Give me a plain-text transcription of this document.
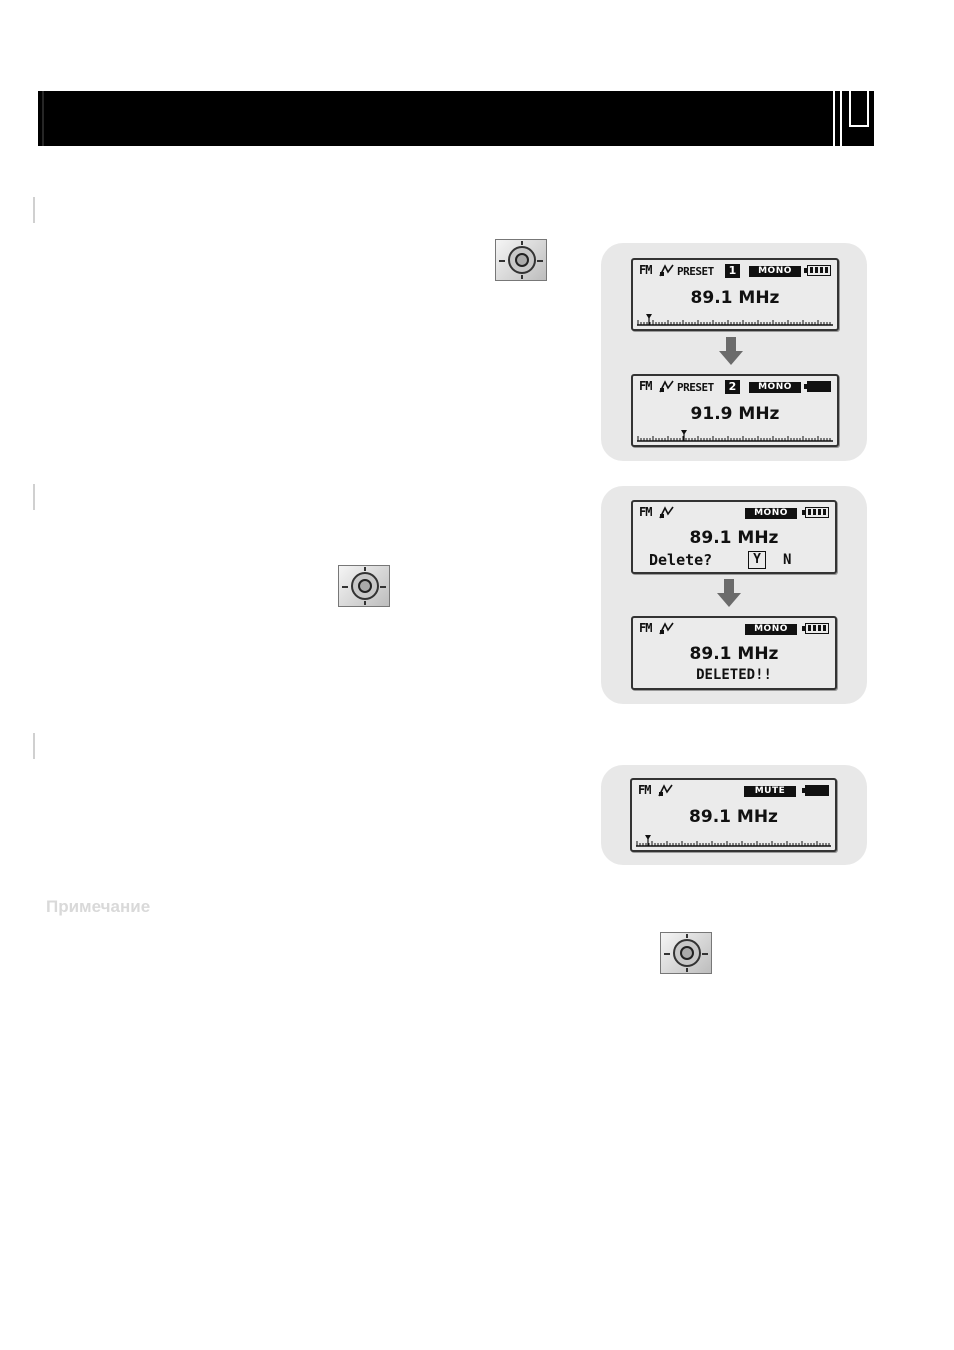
FM PRESET	1	MONO
89.1 MHz
FM PRESET	2	MONO
91.9 MHz
FM	MONO
89.1 MHz
Delete?	Y	N
FM	MONO
89.1 MHz
DELETED!!
FM	MUTE
89.1 MHz
Примечание
